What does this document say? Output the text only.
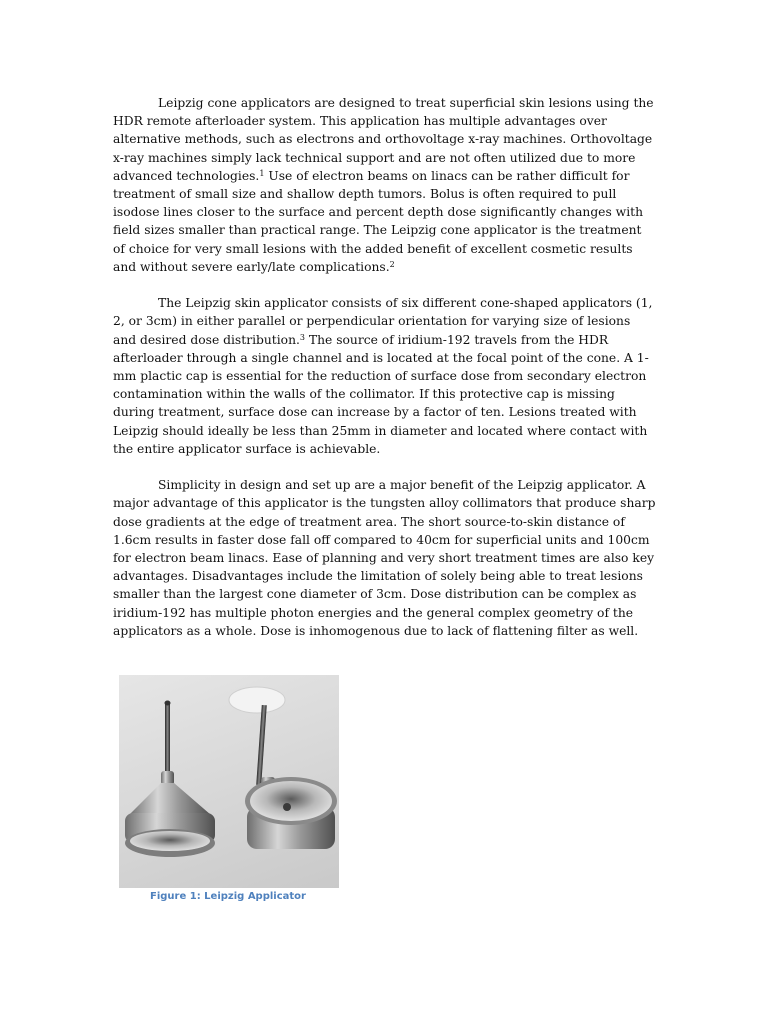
Leipzig cone applicators are designed to treat superficial skin lesions using the HDR remote afterloader system. This application has multiple advantages over alternative methods, such as electrons and orthovoltage x-ray machines. Orthovoltage x-ray machines simply lack technical support and are not often utilized due to more advanced technologies.$^1$ Use of electron beams on linacs can be rather difficult for treatment of small size and shallow depth tumors. Bolus is often required to pull isodose lines closer to the surface and percent depth dose significantly changes with field sizes smaller than practical range. The Leipzig cone applicator is the treatment of choice for very small lesions with the added benefit of excellent cosmetic results and without severe early/late complications.$^2$

The Leipzig skin applicator consists of six different cone-shaped applicators (1, 2, or 3cm) in either parallel or perpendicular orientation for varying size of lesions and desired dose distribution.$^3$ The source of iridium-192 travels from the HDR afterloader through a single channel and is located at the focal point of the cone. A 1-mm plactic cap is essential for the reduction of surface dose from secondary electron contamination within the walls of the collimator. If this protective cap is missing during treatment, surface dose can increase by a factor of ten. Lesions treated with Leipzig should ideally be less than 25mm in diameter and located where contact with the entire applicator surface is achievable.

Simplicity in design and set up are a major benefit of the Leipzig applicator. A major advantage of this applicator is the tungsten alloy collimators that produce sharp dose gradients at the edge of treatment area. The short source-to-skin distance of 1.6cm results in faster dose fall off compared to 40cm for superficial units and 100cm for electron beam linacs. Ease of planning and very short treatment times are also key advantages. Disadvantages include the limitation of solely being able to treat lesions smaller than the largest cone diameter of 3cm. Dose distribution can be complex as iridium-192 has multiple photon energies and the general complex geometry of the applicators as a whole. Dose is inhomogenous due to lack of flattening filter as well.

Figure 1: Leipzig Applicator
